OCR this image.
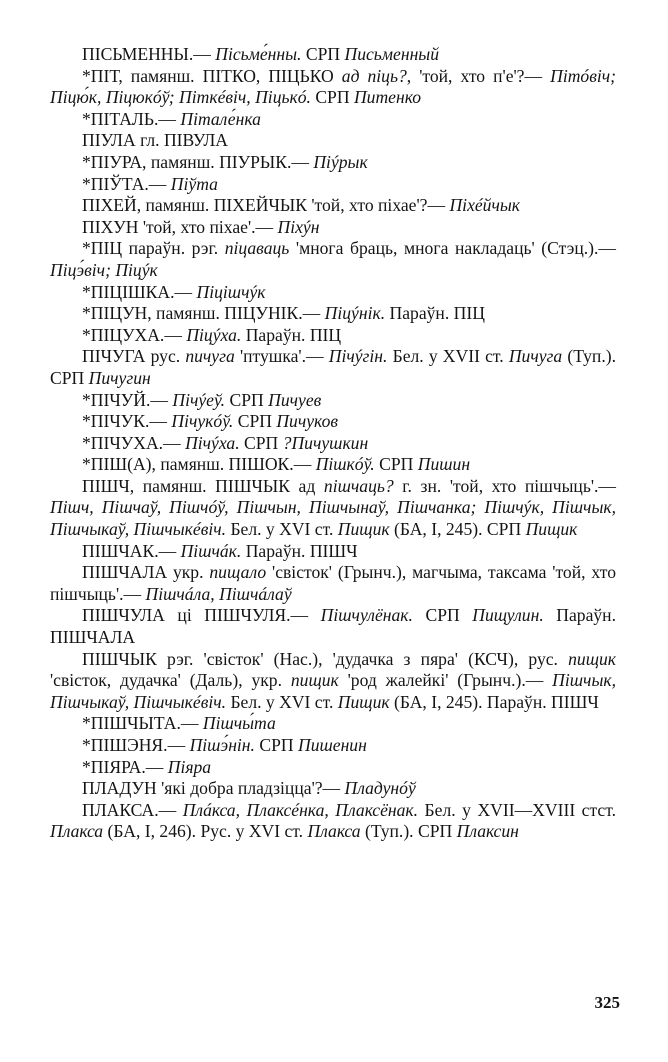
ПІСЬМЕННЫ.— Пісьме́нны. СРП Письменный

*ПІТ, памянш. ПІТКО, ПІЦЬКО ад піць?, 'той, хто п'е'?— Пітóвіч; Піцю́к, Піцюкóў; Піткéвіч, Піцькó. СРП Питенко

*ПІТАЛЬ.— Пітале́нка

ПІУЛА гл. ПІВУЛА

*ПІУРА, памянш. ПІУРЫК.— Піýрык

*ПІЎТА.— Піўта

ПІХЕЙ, памянш. ПІХЕЙЧЫК 'той, хто піхае'?— Піхéйчык

ПІХУН 'той, хто піхае'.— Піхýн

*ПІЦ параўн. рэг. піцаваць 'многа браць, многа накладаць' (Стэц.).— Піцэ́віч; Піцýк

*ПІЦІШКА.— Піцішчýк

*ПІЦУН, памянш. ПІЦУНІК.— Піцýнік. Параўн. ПІЦ

*ПІЦУХА.— Піцýха. Параўн. ПІЦ

ПІЧУГА рус. пичуга 'птушка'.— Пічýгін. Бел. у XVII ст. Пичуга (Туп.). СРП Пичугин

*ПІЧУЙ.— Пічýеў. СРП Пичуев

*ПІЧУК.— Пічукóў. СРП Пичуков

*ПІЧУХА.— Пічýха. СРП ?Пичушкин

*ПІШ(А), памянш. ПІШОК.— Пішкóў. СРП Пишин

ПІШЧ, памянш. ПІШЧЫК ад пішчаць? г. зн. 'той, хто пішчыць'.—Пішч, Пішчаў, Пішчóў, Пішчын, Пішчынаў, Пішчанка; Пішчýк, Пішчык, Пішчыкаў, Пішчыкéвіч. Бел. у XVI ст. Пищик (БА, I, 245). СРП Пищик

ПІШЧАК.— Пішчáк. Параўн. ПІШЧ

ПІШЧАЛА укр. пищало 'свісток' (Грынч.), магчыма, таксама 'той, хто пішчыць'.— Пішчáла, Пішчáлаў

ПІШЧУЛА ці ПІШЧУЛЯ.— Пішчулёнак. СРП Пищулин. Параўн. ПІШЧАЛА

ПІШЧЫК рэг. 'свісток' (Нас.), 'дудачка з пяра' (КСЧ), рус. пищик 'свісток, дудачка' (Даль), укр. пищик 'род жалейкі' (Грынч.).— Пішчык, Пішчыкаў, Пішчыкéвіч. Бел. у XVI ст. Пищик (БА, I, 245). Параўн. ПІШЧ

*ПІШЧЫТА.— Пішчы́та

*ПІШЭНЯ.— Пішэ́нін. СРП Пишенин

*ПІЯРА.— Піяра

ПЛАДУН 'які добра пладзіцца'?— Пладунóў

ПЛАКСА.— Плáкса, Плаксéнка, Плаксёнак. Бел. у XVII—XVIII стст. Плакса (БА, I, 246). Рус. у XVI ст. Плакса (Туп.). СРП Плаксин

325
